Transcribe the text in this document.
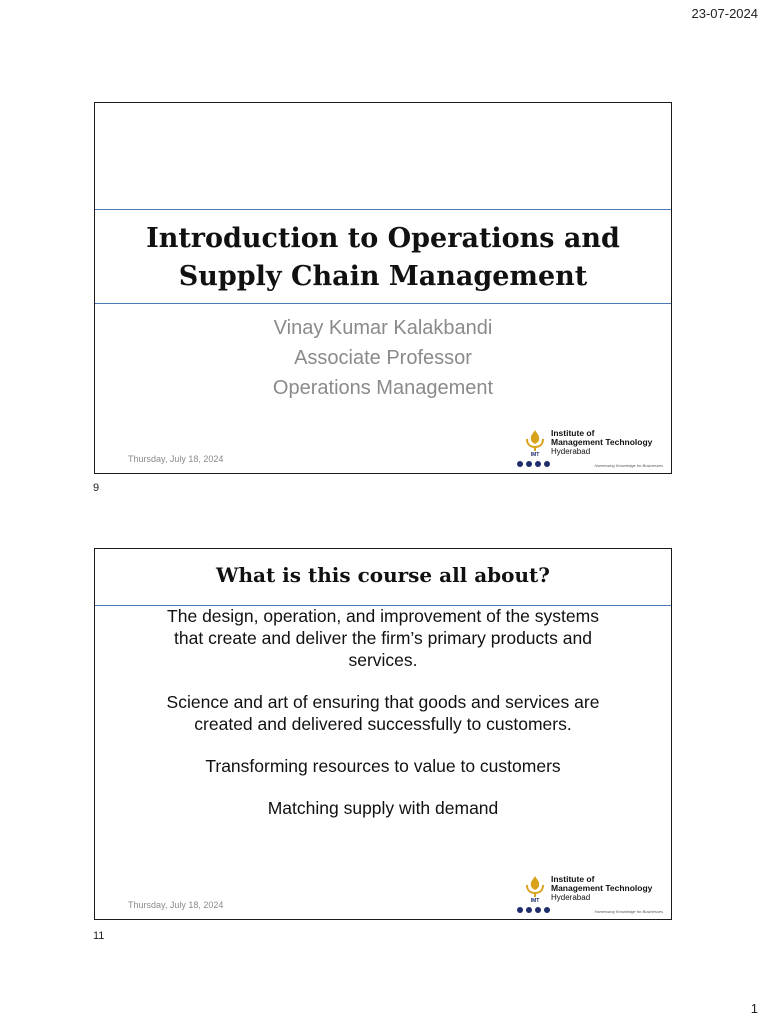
23-07-2024
Introduction to Operations and
Supply Chain Management
Vinay Kumar Kalakbandi
Associate Professor
Operations Management
Thursday, July 18, 2024	IMT
Institute of
Management Technology
Hyderabad
Harnessing Knowledge for Businesses
9
What is this course all about?
The design, operation, and improvement of the systems
that create and deliver the firm’s primary products and
services.
Science and art of ensuring that goods and services are
created and delivered successfully to customers.
Transforming resources to value to customers
Matching supply with demand
Thursday, July 18, 2024	IMT
Institute of
Management Technology
Hyderabad
Harnessing Knowledge for Businesses
11
1
